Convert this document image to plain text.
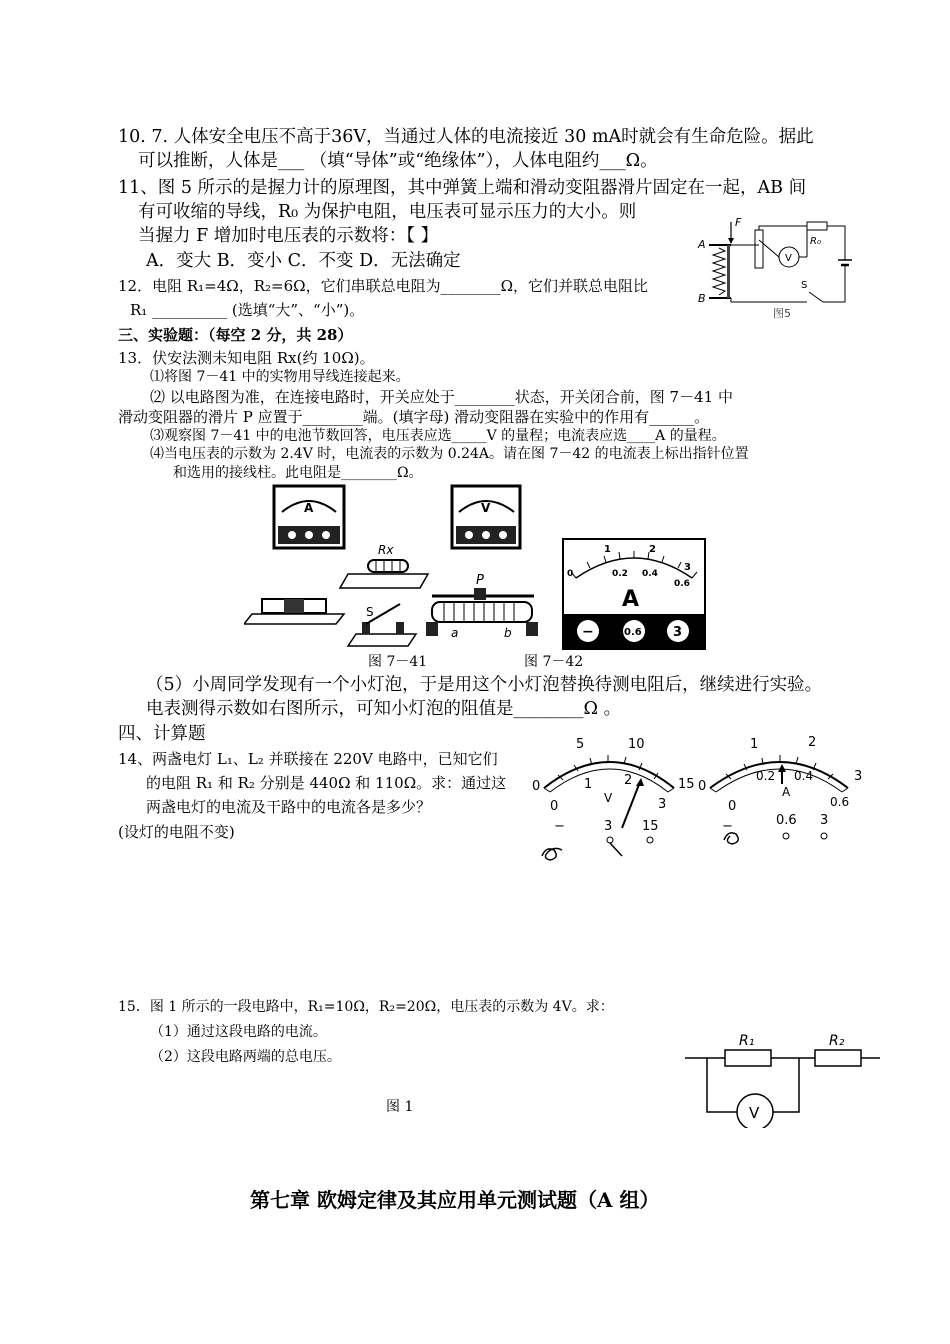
10. 7. 人体安全电压不高于36V，当通过人体的电流接近 30 mA时就会有生命危险。据此
可以推断，人体是___ （填“导体”或“绝缘体”），人体电阻约___Ω。
11、图 5 所示的是握力计的原理图，其中弹簧上端和滑动变阻器滑片固定在一起，AB 间
有可收缩的导线，R₀ 为保护电阻，电压表可显示压力的大小。则
当握力 F 增加时电压表的示数将：【 】
A．变大 B．变小 C．不变 D．无法确定
A
B
F
V
R₀
S
图5
12．电阻 R₁=4Ω，R₂=6Ω，它们串联总电阻为________Ω，它们并联总电阻比
R₁ __________ (选填“大”、“小”)。
三、实验题：（每空 2 分，共 28）
13．伏安法测未知电阻 Rx(约 10Ω)。
⑴将图 7－41 中的实物用导线连接起来。
⑵ 以电路图为准，在连接电路时，开关应处于________状态，开关闭合前，图 7－41 中
滑动变阻器的滑片 P 应置于________端。(填字母) 滑动变阻器在实验中的作用有______。
⑶观察图 7－41 中的电池节数回答，电压表应选_____V 的量程；电流表应选____A 的量程。
⑷当电压表的示数为 2.4V 时，电流表的示数为 0.24A。请在图 7－42 的电流表上标出指针位置
和选用的接线柱。此电阻是________Ω。
A	V
Rx
S
P
a	b
1	2
3
0	0.2 0.4
0.6
A
−	0.6 3
图 7－41	图 7－42
（5）小周同学发现有一个小灯泡，于是用这个小灯泡替换待测电阻后，继续进行实验。
电表测得示数如右图所示，可知小灯泡的阻值是________Ω 。
四、计算题
14、两盏电灯 L₁、L₂ 并联接在 220V 电路中，已知它们
的电阻 R₁ 和 R₂ 分别是 440Ω 和 110Ω。求：通过这
两盏电灯的电流及干路中的电流各是多少？
(设灯的电阻不变)
0
5	10
15
0
1 2
3
V
−	3 15
0
1	2
3
0
0.2 0.4
0.6
A
−	0.6 3
15．图 1 所示的一段电路中，R₁=10Ω，R₂=20Ω，电压表的示数为 4V。求：
（1）通过这段电路的电流。
（2）这段电路两端的总电压。
图 1
R₁	R₂
V
第七章 欧姆定律及其应用单元测试题（A 组）
